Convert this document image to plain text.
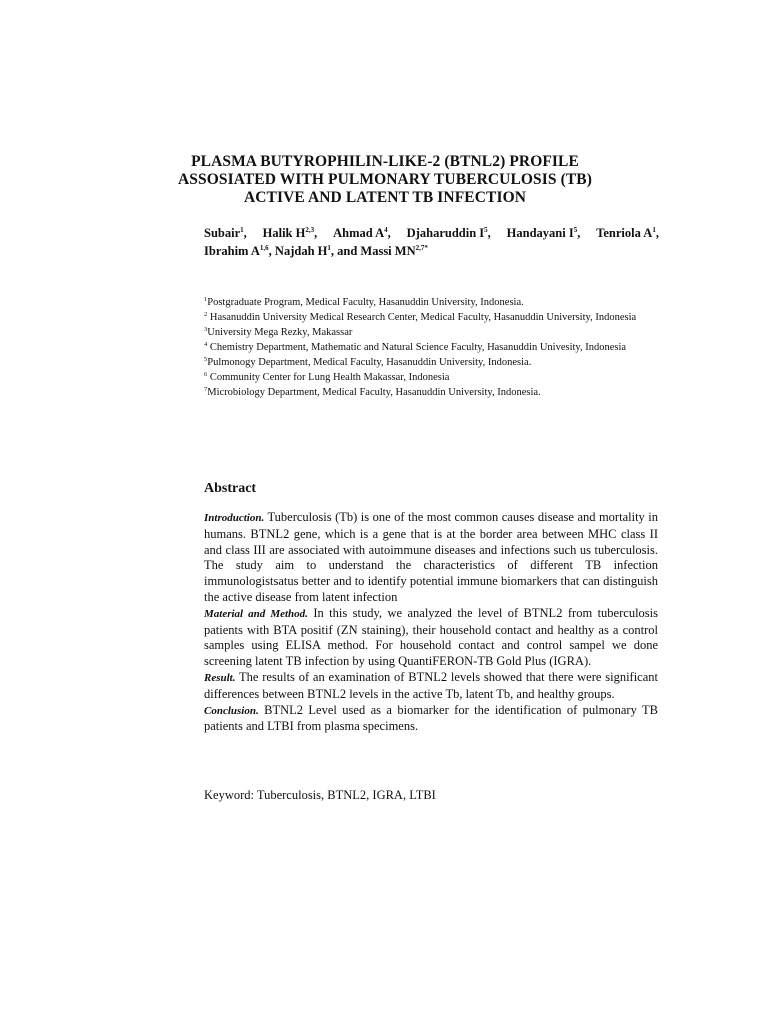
PLASMA BUTYROPHILIN-LIKE-2 (BTNL2) PROFILE
ASSOSIATED WITH PULMONARY TUBERCULOSIS (TB)
ACTIVE AND LATENT TB INFECTION
Subair$^1$, Halik H$^{2,3}$, Ahmad $A^4$, Djaharuddin $I^5$, Handayani $I^5$, Tenriola $A^1$,
Ibrahim A$^{1,6}$, Najdah $H^1$, and Massi $MN^{2,7*}$
$^1$Postgraduate Program, Medical Faculty, Hasanuddin University, Indonesia.
$^2$ Hasanuddin University Medical Research Center, Medical Faculty, Hasanuddin University, Indonesia
$^3$University Mega Rezky, Makassar
$^4$ Chemistry Department, Mathematic and Natural Science Faculty, Hasanuddin Univesity, Indonesia
$^5$Pulmonogy Department, Medical Faculty, Hasanuddin University, Indonesia.
$^6$ Community Center for Lung Health Makassar, Indonesia
$^7$Microbiology Department, Medical Faculty, Hasanuddin University, Indonesia.
Abstract

Introduction. Tuberculosis (Tb) is one of the most common causes disease and mortality in humans. BTNL2 gene, which is a gene that is at the border area between MHC class II and class III are associated with autoimmune diseases and infections such us tuberculosis. The study aim to understand the characteristics of different TB infection immunologistsatus better and to identify potential immune biomarkers that can distinguish the active disease from latent infection

Material and Method. In this study, we analyzed the level of BTNL2 from tuberculosis patients with BTA positif (ZN staining), their household contact and healthy as a control samples using ELISA method. For household contact and control sampel we done screening latent TB infection by using QuantiFERON-TB Gold Plus (IGRA).

Result. The results of an examination of BTNL2 levels showed that there were significant differences between BTNL2 levels in the active Tb, latent Tb, and healthy groups.

Conclusion. BTNL2 Level used as a biomarker for the identification of pulmonary TB patients and LTBI from plasma specimens.

Keyword: Tuberculosis, BTNL2, IGRA, LTBI
